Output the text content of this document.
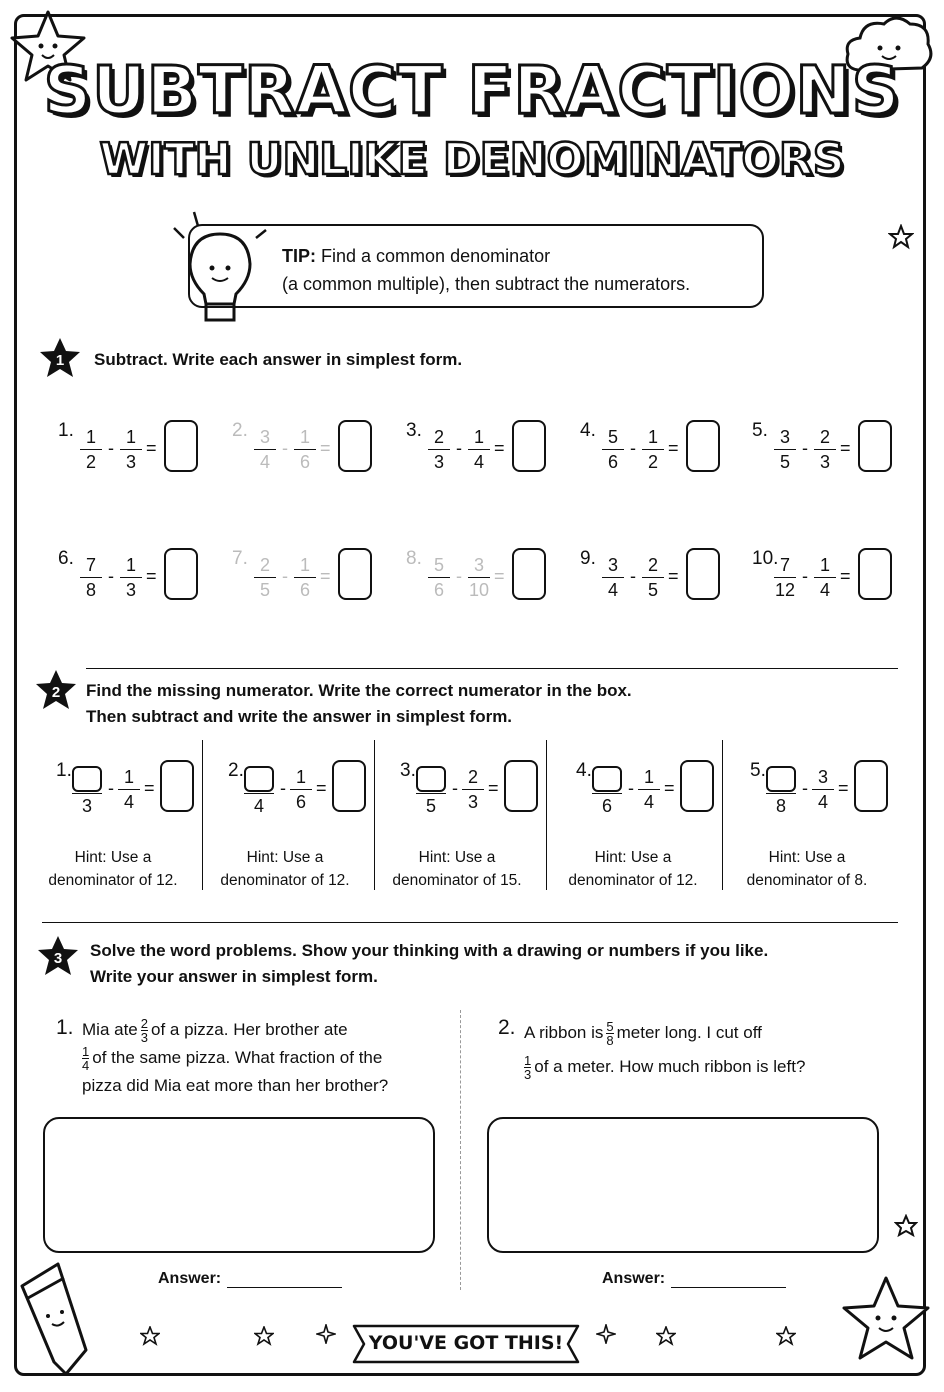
SUBTRACT FRACTIONS
WITH UNLIKE DENOMINATORS
TIP: Find a common denominator
(a common multiple), then subtract the numerators.
1 Subtract. Write each answer in simplest form.
1. 1
2
-
1
3
=
2. 3
4
-
1
6
=
3. 2
3
-
1
4
=
4. 5
6
-
1
2
=
5. 3
5
-
2
3
=
6. 7
8
-
1
3
=
7. 2
5
-
1
6
=
8. 5
6
-
3
10
=
9. 3
4
-
2
5
=
10. 7
12
-
1
4
=
2 Find the missing numerator. Write the correct numerator in the box.
Then subtract and write the answer in simplest form.
1.
3
-
1
4
=
Hint: Use a
denominator of 12.
2.
4
-
1
6
=
Hint: Use a
denominator of 12.
3.
5
-
2
3
=
Hint: Use a
denominator of 15.
4.
6
-
1
4
=
Hint: Use a
denominator of 12.
5.
8
-
3
4
=
Hint: Use a
denominator of 8.
3 Solve the word problems. Show your thinking with a drawing or numbers if you like.
Write your answer in simplest form.
1. Mia ate $\frac{2}{3}$ of a pizza. Her brother ate
$\frac{1}{4}$ of the same pizza. What fraction of the
pizza did Mia eat more than her brother?
Answer:
2. A ribbon is $\frac{5}{8}$ meter long. I cut off
$\frac{1}{3}$ of a meter. How much ribbon is left?
Answer:
YOU'VE GOT THIS!
